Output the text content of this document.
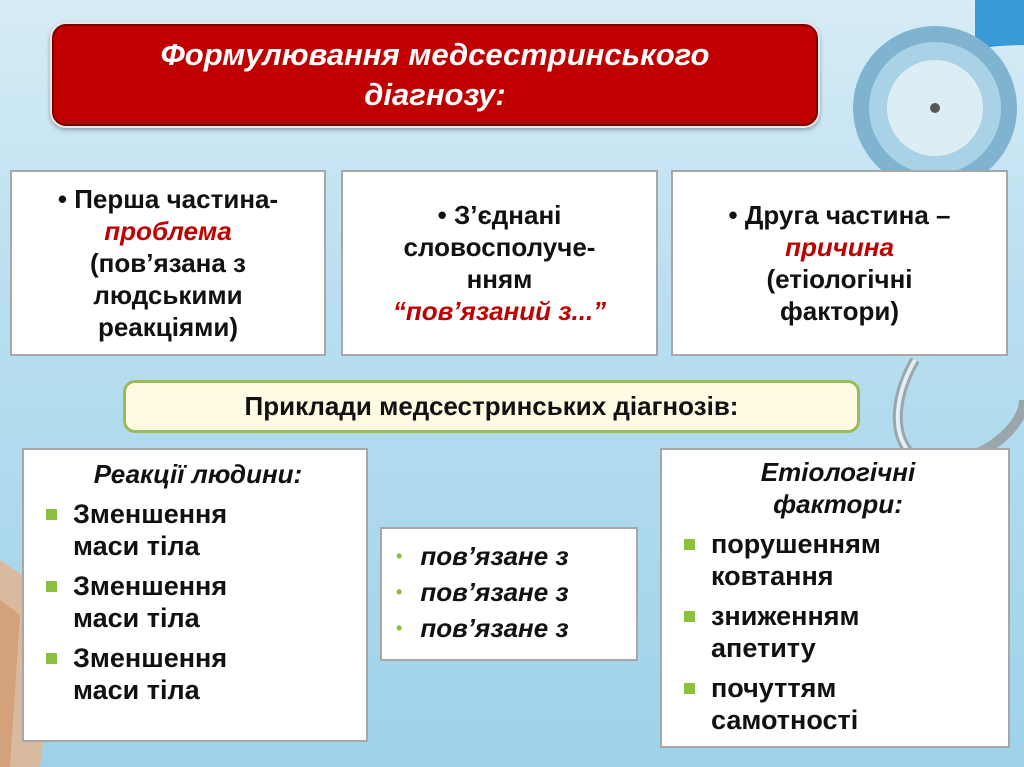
Формулювання медсестринського
діагнозу:
• Перша частина-
проблема
(пов’язана з
людськими
реакціями)
• З’єднані
словосполуче-
нням
“пов’язаний з...”
• Друга частина –
причина
(етіологічні
фактори)
Приклади медсестринських діагнозів:
Реакції людини:
Зменшення
маси тіла
Зменшення
маси тіла
Зменшення
маси тіла
• пов’язане з
• пов’язане з
• пов’язане з
Етіологічні
фактори:
порушенням
ковтання
зниженням
апетиту
почуттям
самотності
